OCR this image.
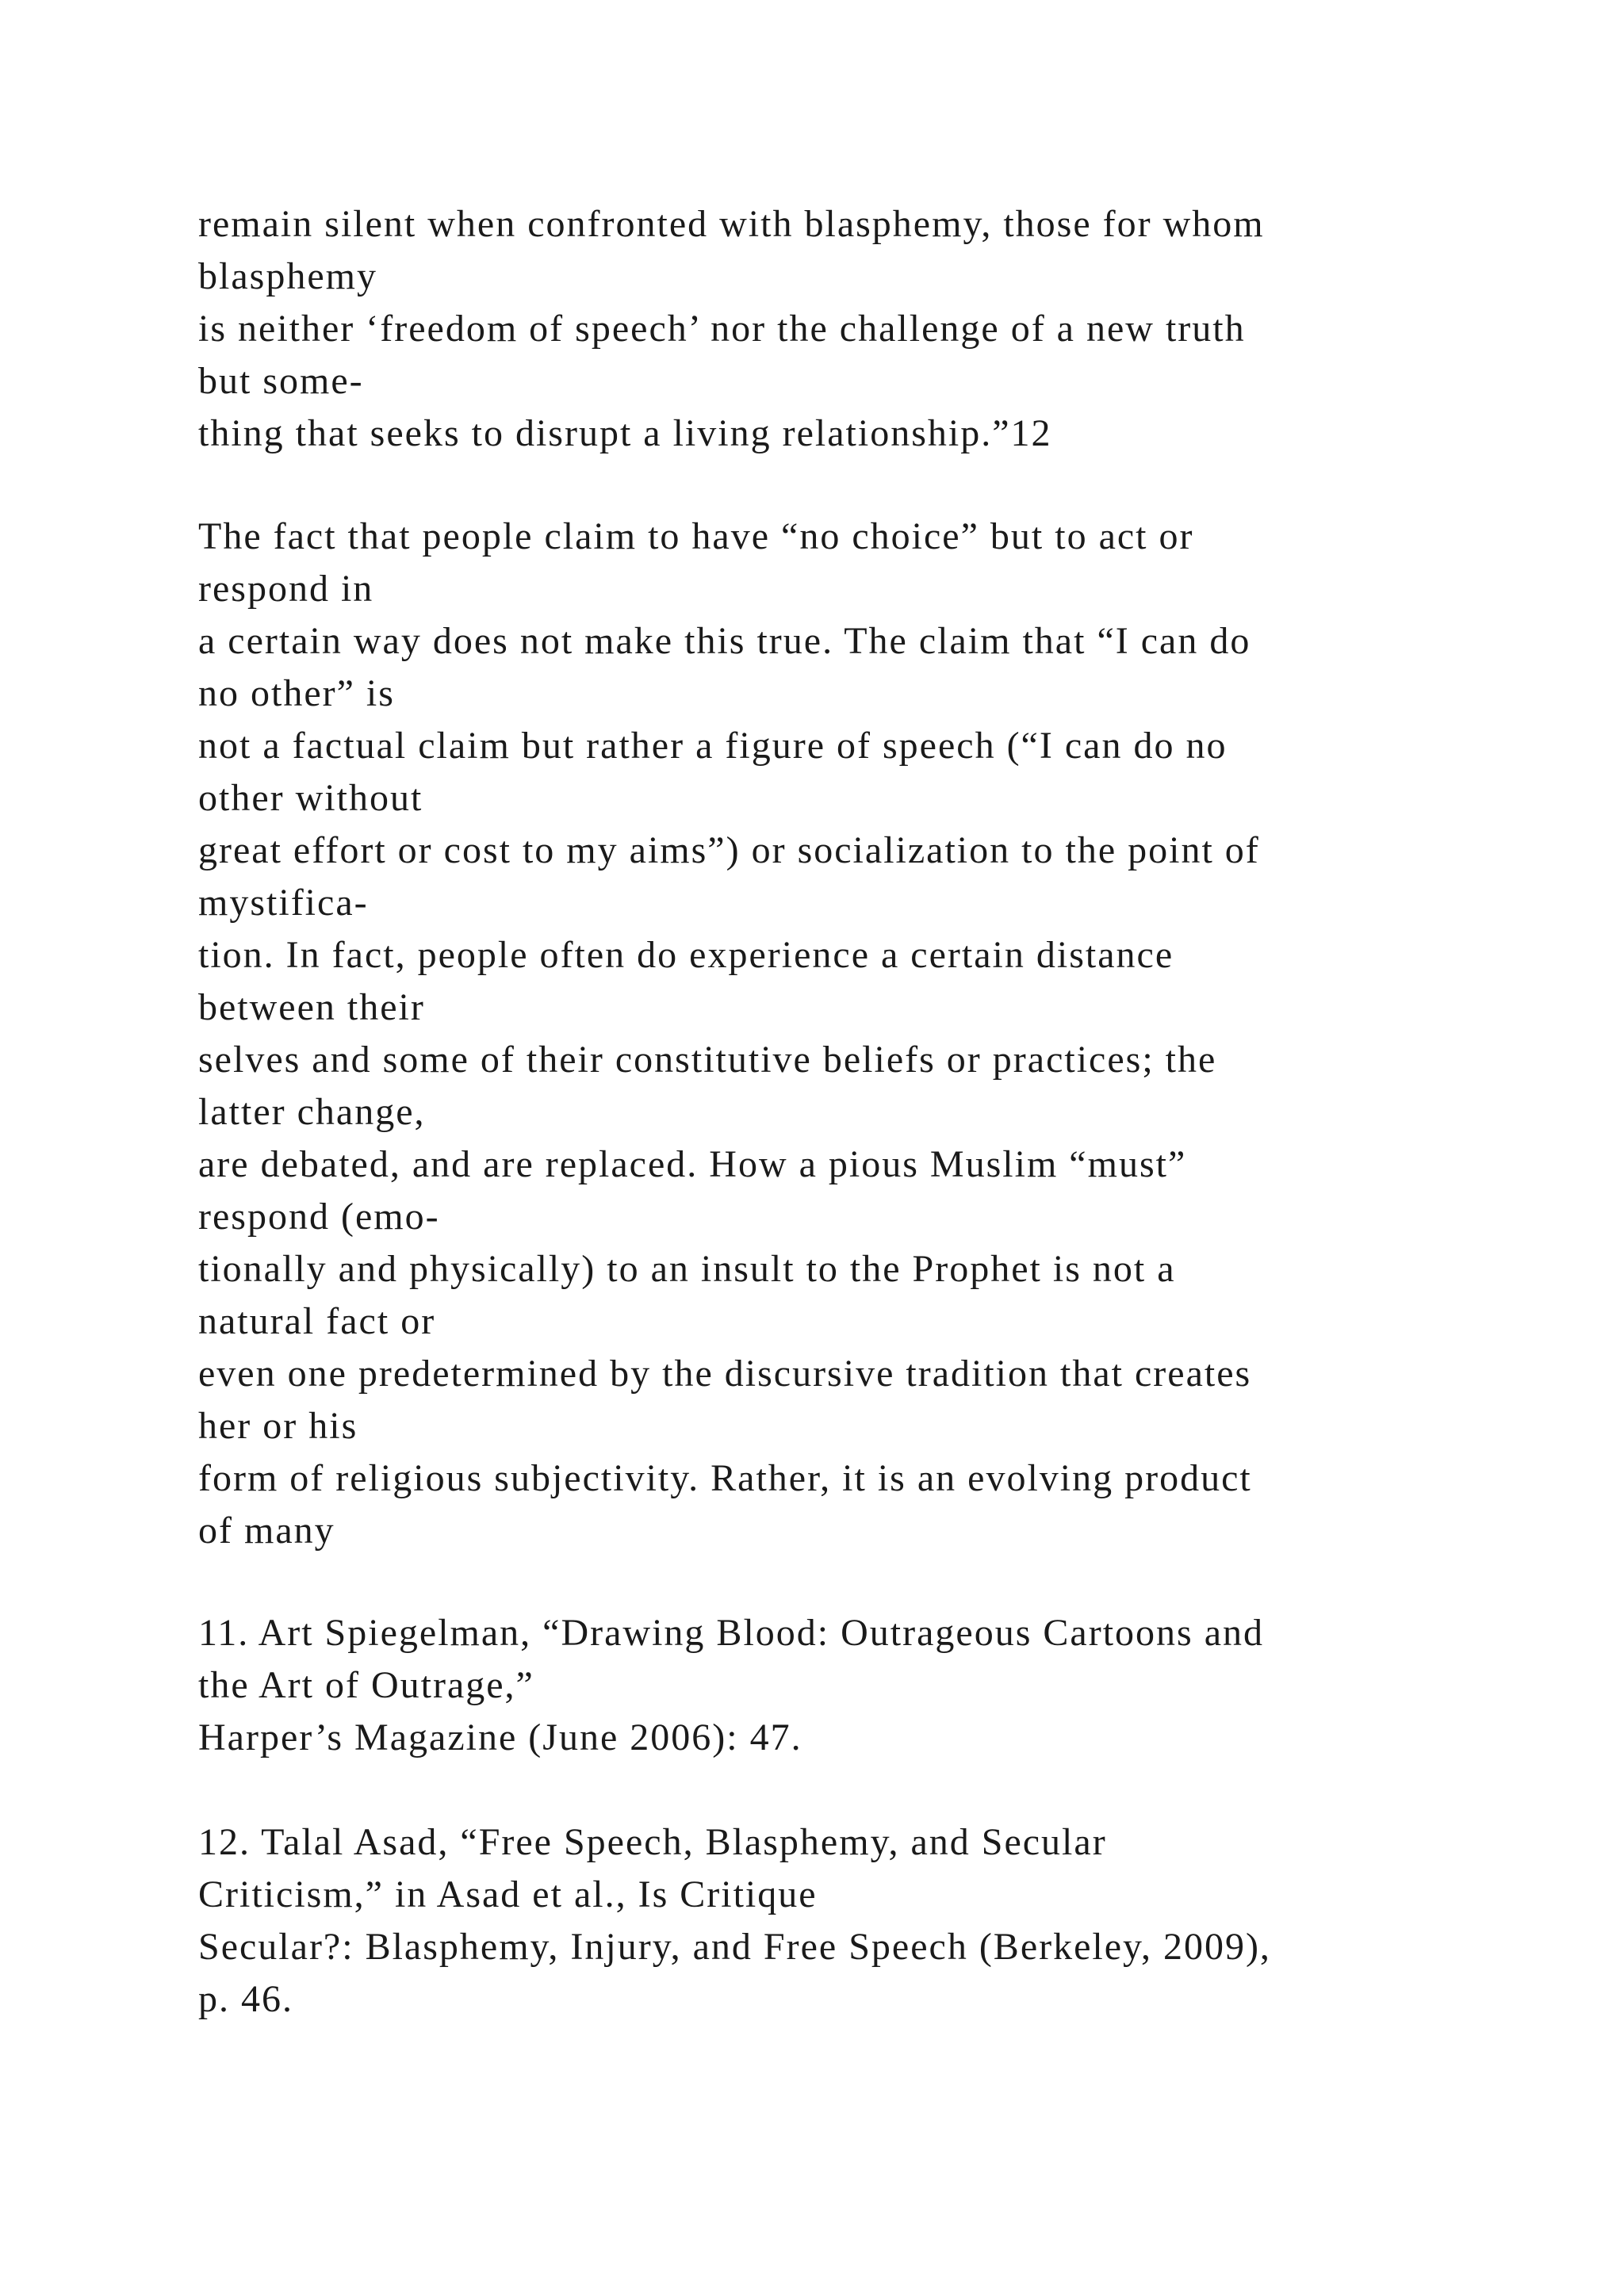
remain silent when confronted with blasphemy, those for whom
blasphemy
is neither ‘freedom of speech’ nor the challenge of a new truth
but some-
thing that seeks to disrupt a living relationship.”12
The fact that people claim to have “no choice” but to act or
respond in
a certain way does not make this true. The claim that “I can do
no other” is
not a factual claim but rather a figure of speech (“I can do no
other without
great effort or cost to my aims”) or socialization to the point of
mystifica-
tion. In fact, people often do experience a certain distance
between their
selves and some of their constitutive beliefs or practices; the
latter change,
are debated, and are replaced. How a pious Muslim “must”
respond (emo-
tionally and physically) to an insult to the Prophet is not a
natural fact or
even one predetermined by the discursive tradition that creates
her or his
form of religious subjectivity. Rather, it is an evolving product
of many
11. Art Spiegelman, “Drawing Blood: Outrageous Cartoons and
the Art of Outrage,”
Harper’s Magazine (June 2006): 47.
12. Talal Asad, “Free Speech, Blasphemy, and Secular
Criticism,” in Asad et al., Is Critique
Secular?: Blasphemy, Injury, and Free Speech (Berkeley, 2009),
p. 46.
